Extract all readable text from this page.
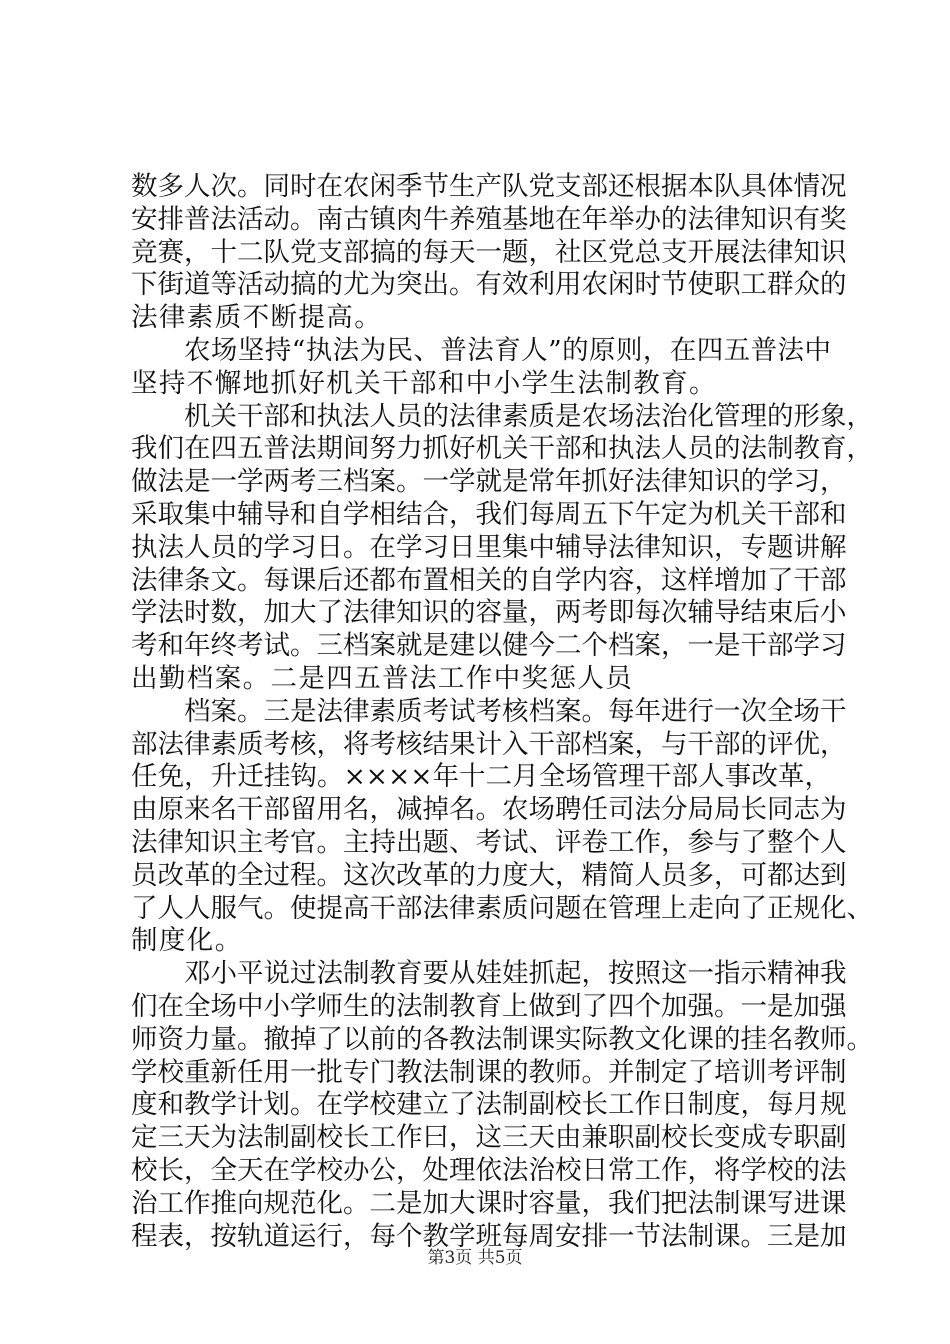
数多人次。同时在农闲季节生产队党支部还根据本队具体情况
安排普法活动。南古镇肉牛养殖基地在年举办的法律知识有奖
竞赛，十二队党支部搞的每天一题，社区党总支开展法律知识
下街道等活动搞的尤为突出。有效利用农闲时节使职工群众的
法律素质不断提高。
农场坚持“执法为民、普法育人”的原则，在四五普法中
坚持不懈地抓好机关干部和中小学生法制教育。
机关干部和执法人员的法律素质是农场法治化管理的形象，
我们在四五普法期间努力抓好机关干部和执法人员的法制教育，
做法是一学两考三档案。一学就是常年抓好法律知识的学习，
采取集中辅导和自学相结合，我们每周五下午定为机关干部和
执法人员的学习日。在学习日里集中辅导法律知识，专题讲解
法律条文。每课后还都布置相关的自学内容，这样增加了干部
学法时数，加大了法律知识的容量，两考即每次辅导结束后小
考和年终考试。三档案就是建以健今二个档案，一是干部学习
出勤档案。二是四五普法工作中奖惩人员
档案。三是法律素质考试考核档案。每年进行一次全场干
部法律素质考核，将考核结果计入干部档案，与干部的评优，
任免，升迁挂钩。××××年十二月全场管理干部人事改革，
由原来名干部留用名，减掉名。农场聘任司法分局局长同志为
法律知识主考官。主持出题、考试、评卷工作，参与了整个人
员改革的全过程。这次改革的力度大，精简人员多，可都达到
了人人服气。使提高干部法律素质问题在管理上走向了正规化、
制度化。
邓小平说过法制教育要从娃娃抓起，按照这一指示精神我
们在全场中小学师生的法制教育上做到了四个加强。一是加强
师资力量。撤掉了以前的各教法制课实际教文化课的挂名教师。
学校重新任用一批专门教法制课的教师。并制定了培训考评制
度和教学计划。在学校建立了法制副校长工作日制度，每月规
定三天为法制副校长工作曰，这三天由兼职副校长变成专职副
校长，全天在学校办公，处理依法治校日常工作，将学校的法
治工作推向规范化。二是加大课时容量，我们把法制课写进课
程表，按轨道运行，每个教学班每周安排一节法制课。三是加
第3页 共5页
